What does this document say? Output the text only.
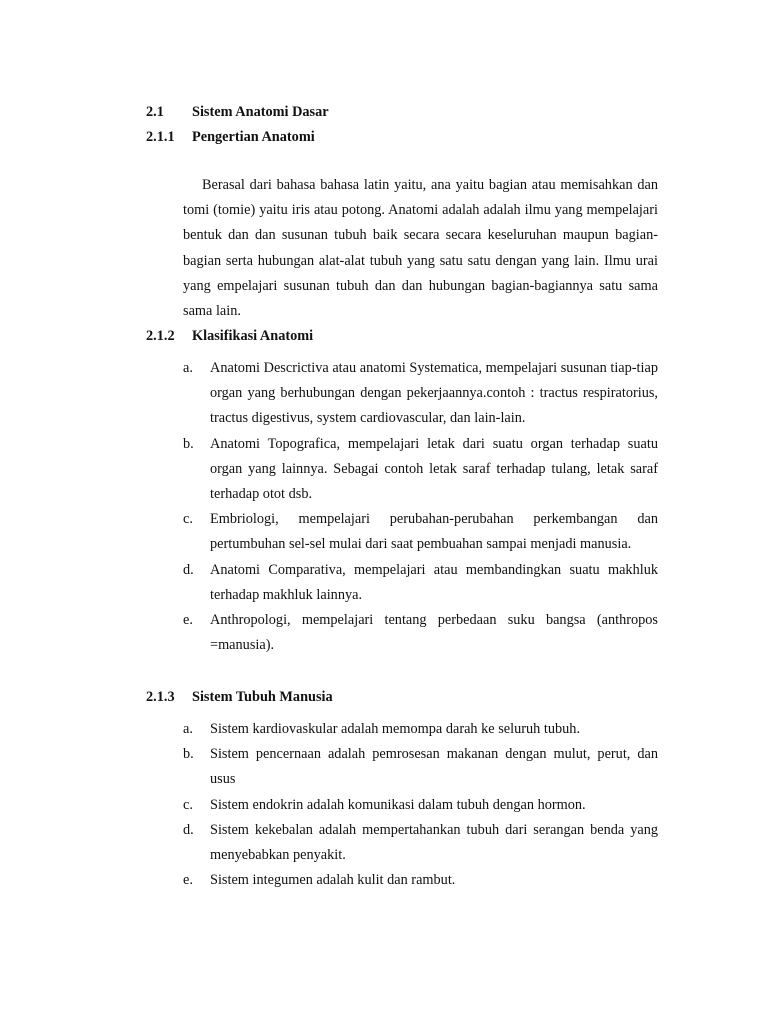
2.1 Sistem Anatomi Dasar
2.1.1 Pengertian Anatomi

Berasal dari bahasa bahasa latin yaitu, ana yaitu bagian atau memisahkan dan tomi (tomie) yaitu iris atau potong. Anatomi adalah adalah ilmu yang mempelajari bentuk dan dan susunan tubuh baik secara secara keseluruhan maupun bagian-bagian serta hubungan alat-alat tubuh yang satu satu dengan yang lain. Ilmu urai yang empelajari susunan tubuh dan dan hubungan bagian-bagiannya satu sama sama lain.

2.1.2 Klasifikasi Anatomi
a. Anatomi Descrictiva atau anatomi Systematica, mempelajari susunan tiap-tiap organ yang berhubungan dengan pekerjaannya.contoh : tractus respiratorius, tractus digestivus, system cardiovascular, dan lain-lain.
b. Anatomi Topografica, mempelajari letak dari suatu organ terhadap suatu organ yang lainnya. Sebagai contoh letak saraf terhadap tulang, letak saraf terhadap otot dsb.
c. Embriologi, mempelajari perubahan-perubahan perkembangan dan pertumbuhan sel-sel mulai dari saat pembuahan sampai menjadi manusia.
d. Anatomi Comparativa, mempelajari atau membandingkan suatu makhluk terhadap makhluk lainnya.
e. Anthropologi, mempelajari tentang perbedaan suku bangsa (anthropos =manusia).
2.1.3 Sistem Tubuh Manusia
a. Sistem kardiovaskular adalah memompa darah ke seluruh tubuh.
b. Sistem pencernaan adalah pemrosesan makanan dengan mulut, perut, dan usus
c. Sistem endokrin adalah komunikasi dalam tubuh dengan hormon.
d. Sistem kekebalan adalah mempertahankan tubuh dari serangan benda yang menyebabkan penyakit.
e. Sistem integumen adalah kulit dan rambut.
